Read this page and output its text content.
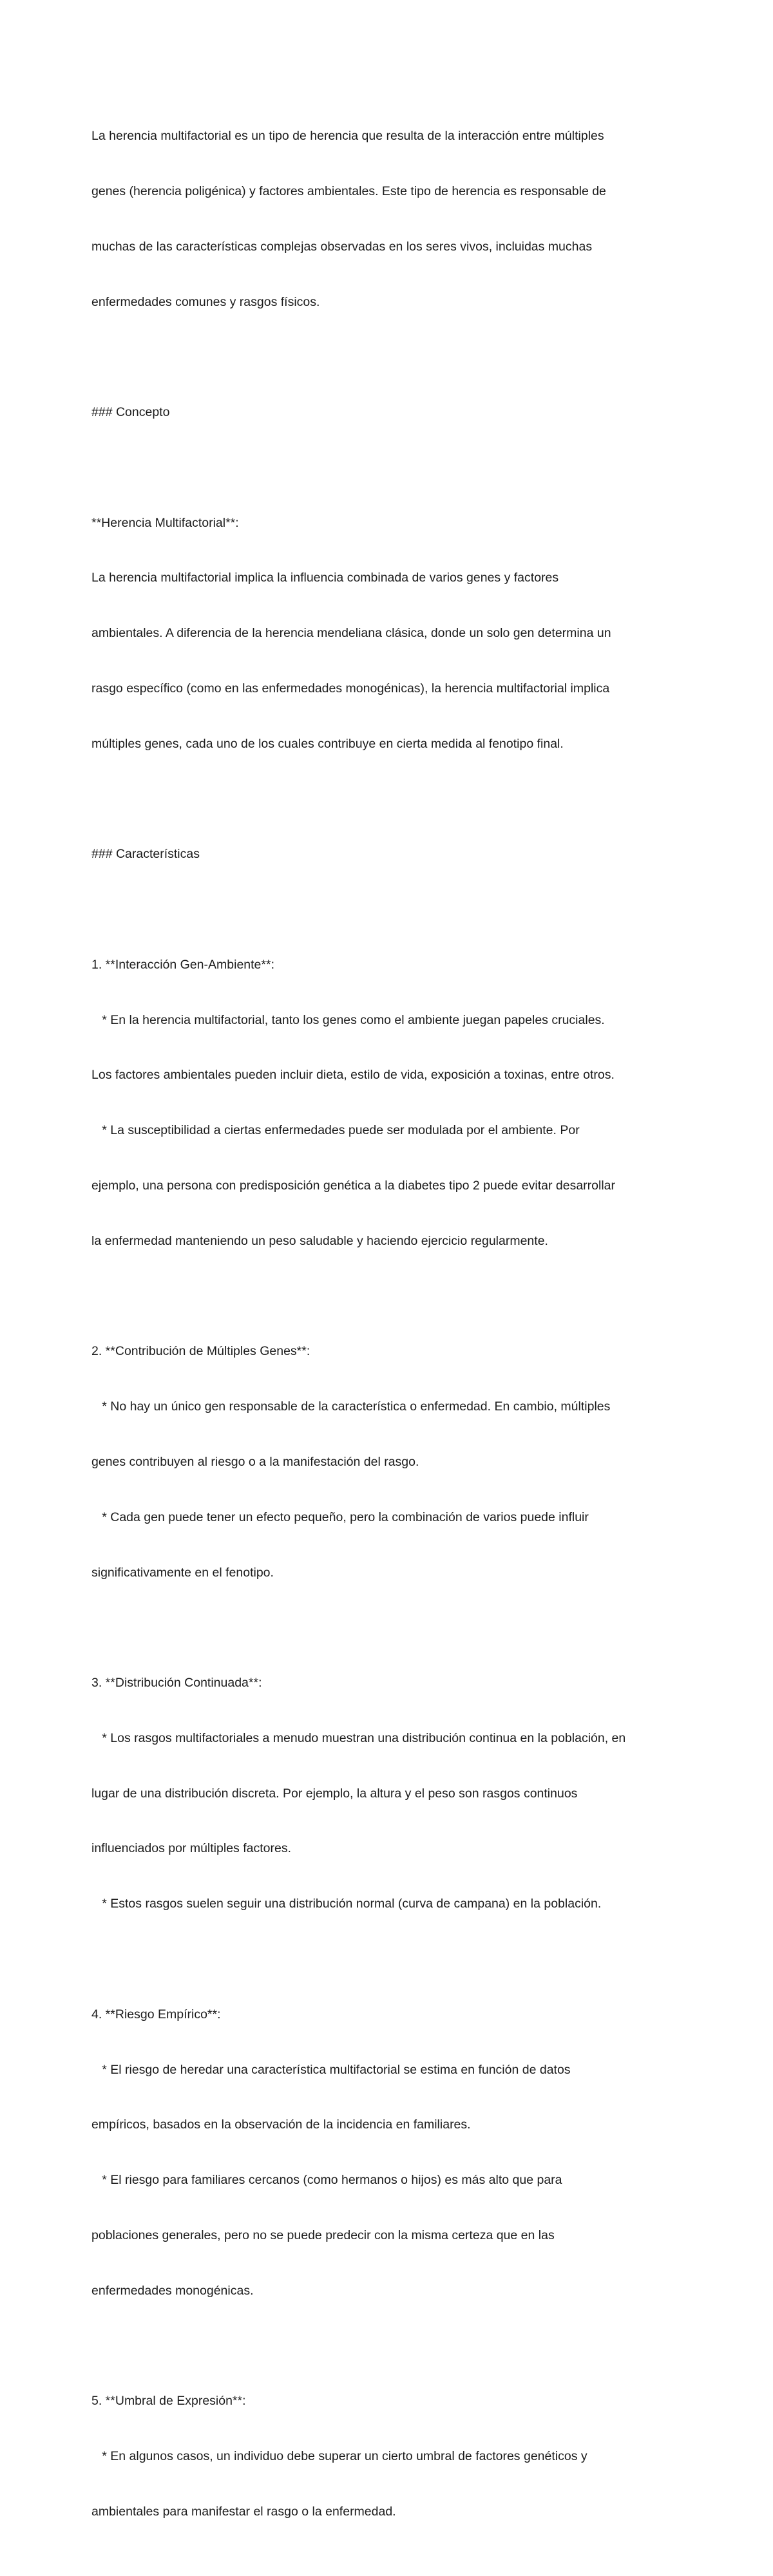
La herencia multifactorial es un tipo de herencia que resulta de la interacción entre múltiples

genes (herencia poligénica) y factores ambientales. Este tipo de herencia es responsable de

muchas de las características complejas observadas en los seres vivos, incluidas muchas

enfermedades comunes y rasgos físicos.

### Concepto

**Herencia Multifactorial**:

La herencia multifactorial implica la influencia combinada de varios genes y factores

ambientales. A diferencia de la herencia mendeliana clásica, donde un solo gen determina un

rasgo específico (como en las enfermedades monogénicas), la herencia multifactorial implica

múltiples genes, cada uno de los cuales contribuye en cierta medida al fenotipo final.

### Características

1. **Interacción Gen-Ambiente**:

* En la herencia multifactorial, tanto los genes como el ambiente juegan papeles cruciales.

Los factores ambientales pueden incluir dieta, estilo de vida, exposición a toxinas, entre otros.

* La susceptibilidad a ciertas enfermedades puede ser modulada por el ambiente. Por

ejemplo, una persona con predisposición genética a la diabetes tipo 2 puede evitar desarrollar

la enfermedad manteniendo un peso saludable y haciendo ejercicio regularmente.

2. **Contribución de Múltiples Genes**:

* No hay un único gen responsable de la característica o enfermedad. En cambio, múltiples

genes contribuyen al riesgo o a la manifestación del rasgo.

* Cada gen puede tener un efecto pequeño, pero la combinación de varios puede influir

significativamente en el fenotipo.

3. **Distribución Continuada**:

* Los rasgos multifactoriales a menudo muestran una distribución continua en la población, en

lugar de una distribución discreta. Por ejemplo, la altura y el peso son rasgos continuos

influenciados por múltiples factores.

* Estos rasgos suelen seguir una distribución normal (curva de campana) en la población.

4. **Riesgo Empírico**:

* El riesgo de heredar una característica multifactorial se estima en función de datos

empíricos, basados en la observación de la incidencia en familiares.

* El riesgo para familiares cercanos (como hermanos o hijos) es más alto que para

poblaciones generales, pero no se puede predecir con la misma certeza que en las

enfermedades monogénicas.

5. **Umbral de Expresión**:

* En algunos casos, un individuo debe superar un cierto umbral de factores genéticos y

ambientales para manifestar el rasgo o la enfermedad.
